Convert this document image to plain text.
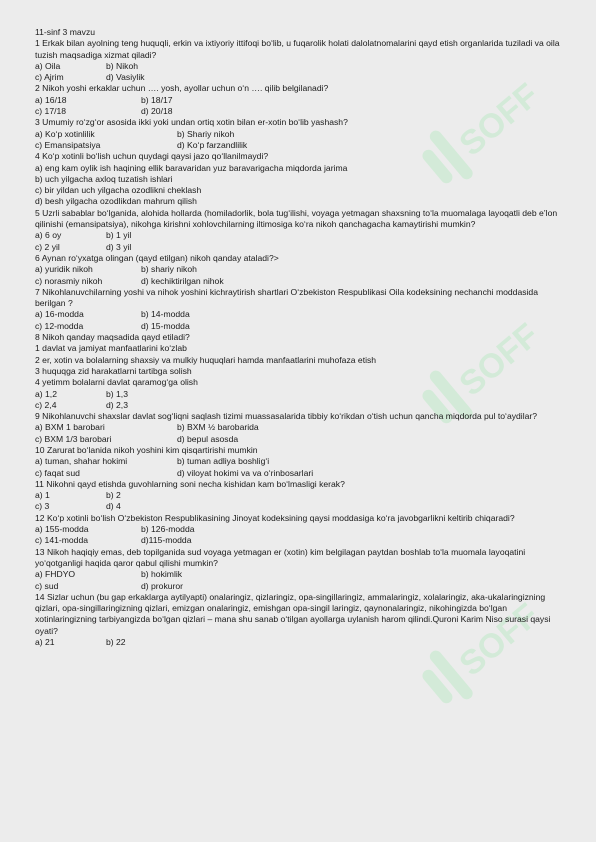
SOFF
SOFF
SOFF
11-sinf 3 mavzu
1 Erkak bilan ayolning teng huquqli, erkin va ixtiyoriy ittifoqi bo‘lib, u fuqarolik holati dalolatnomalarini qayd etish organlarida tuziladi va oila tuzish maqsadiga xizmat qiladi?
a) Oila	b) Nikoh
c) Ajrim	d) Vasiylik
2 Nikoh yoshi erkaklar uchun …. yosh, ayollar uchun o‘n …. qilib belgilanadi?
a) 16/18	b) 18/17
c) 17/18	d) 20/18
3 Umumiy ro‘zg‘or asosida ikki yoki undan ortiq xotin bilan er-xotin bo‘lib yashash?
a) Ko‘p xotinlilik	b) Shariy nikoh
c) Emansipatsiya	d) Ko‘p farzandlilik
4 Ko‘p xotinli bo‘lish uchun quydagi qaysi jazo qo‘llanilmaydi?
a) eng kam oylik ish haqining ellik baravaridan yuz baravarigacha miqdorda jarima
b) uch yilgacha axloq tuzatish ishlari
c) bir yildan uch yilgacha ozodlikni cheklash
d) besh yilgacha ozodlikdan mahrum qilish
5 Uzrli sabablar bo‘lganida, alohida hollarda (homiladorlik, bola tug‘ilishi, voyaga yetmagan shaxsning to‘la muomalaga layoqatli deb e’lon qilinishi (emansipatsiya), nikohga kirishni xohlovchilarning iltimosiga ko‘ra nikoh qanchagacha kamaytirishi mumkin?
a) 6 oy	b) 1 yil
c) 2 yil	d) 3 yil
6 Aynan ro‘yxatga olingan (qayd etilgan) nikoh qanday ataladi?>
a) yuridik nikoh	b) shariy nikoh
c) norasmiy nikoh	d) kechiktirilgan nihok
7 Nikohlanuvchilarning yoshi va nihok yoshini kichraytirish shartlari O‘zbekiston Respublikasi Oila kodeksining nechanchi moddasida berilgan ?
a) 16-modda	b) 14-modda
c) 12-modda	d) 15-modda
8 Nikoh qanday maqsadida qayd etiladi?
1 davlat va jamiyat manfaatlarini ko‘zlab
2 er, xotin va bolalarning shaxsiy va mulkiy huquqlari hamda manfaatlarini muhofaza etish
3 huquqga zid harakatlarni tartibga solish
4 yetimm bolalarni davlat qaramog‘ga olish
a) 1,2	b) 1,3
c) 2,4	d) 2,3
9 Nikohlanuvchi shaxslar davlat sog‘liqni saqlash tizimi muassasalarida tibbiy ko‘rikdan o‘tish uchun qancha miqdorda pul to‘aydilar?
a) BXM 1 barobari	b) BXM ½ barobarida
c) BXM 1/3 barobari	d) bepul asosda
10 Zarurat bo‘lanida nikoh yoshini kim qisqartirishi mumkin
a) tuman, shahar hokimi	b) tuman adliya boshlig‘i
c) faqat sud	d) viloyat hokimi va va o‘rinbosarlari
11 Nikohni qayd etishda guvohlarning soni necha kishidan kam bo‘lmasligi kerak?
a) 1	b) 2
c) 3	d) 4
12 Ko‘p xotinli bo‘lish O‘zbekiston Respublikasining Jinoyat kodeksining qaysi moddasiga ko‘ra javobgarlikni keltirib chiqaradi?
a) 155-modda	b) 126-modda
c) 141-modda	d)115-modda
13 Nikoh haqiqiy emas, deb topilganida sud voyaga yetmagan er (xotin) kim belgilagan paytdan boshlab to‘la muomala layoqatini yo‘qotganligi haqida qaror qabul qilishi mumkin?
a) FHDYO	b) hokimlik
c) sud	d) prokuror
14 Sizlar uchun (bu gap erkaklarga aytilyapti) onalaringiz, qizlaringiz, opa-singillaringiz, ammalaringiz, xolalaringiz, aka-ukalaringizning qizlari, opa-singillaringizning qizlari, emizgan onalaringiz, emishgan opa-singil laringiz, qaynonalaringiz, nikohingizda bo‘lgan xotinlaringizning tarbiyangizda bo‘lgan qizlari – mana shu sanab o‘tilgan ayollarga uylanish harom qilindi.Quroni Karim Niso surasi qaysi oyati?
a) 21	b) 22
